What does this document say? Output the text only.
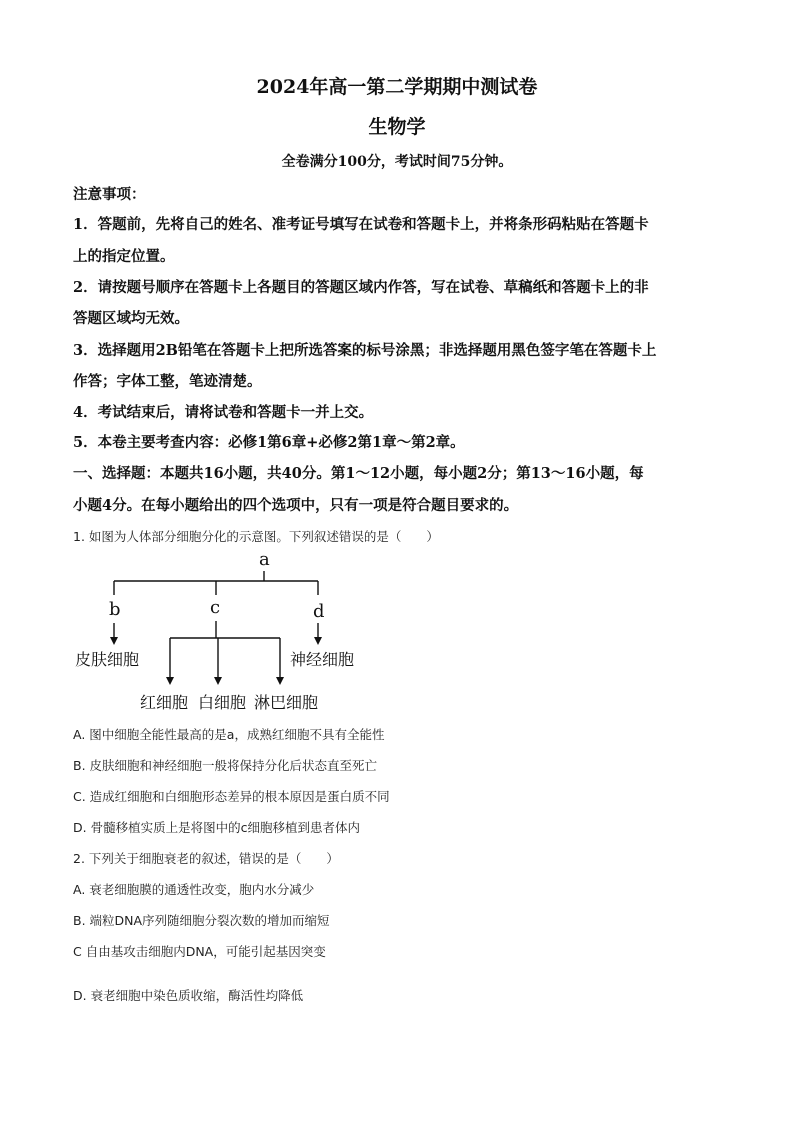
2024年高一第二学期期中测试卷
生物学
全卷满分100分，考试时间75分钟。
注意事项：
1．答题前，先将自己的姓名、准考证号填写在试卷和答题卡上，并将条形码粘贴在答题卡
上的指定位置。
2．请按题号顺序在答题卡上各题目的答题区域内作答，写在试卷、草稿纸和答题卡上的非
答题区域均无效。
3．选择题用2B铅笔在答题卡上把所选答案的标号涂黑；非选择题用黑色签字笔在答题卡上
作答；字体工整，笔迹清楚。
4．考试结束后，请将试卷和答题卡一并上交。
5．本卷主要考查内容：必修1第6章+必修2第1章～第2章。
一、选择题：本题共16小题，共40分。第1～12小题，每小题2分；第13～16小题，每
小题4分。在每小题给出的四个选项中，只有一项是符合题目要求的。
1. 如图为人体部分细胞分化的示意图。下列叙述错误的是（　　）
a
b	c	d
皮肤细胞	神经细胞
红细胞 白细胞 淋巴细胞
A. 图中细胞全能性最高的是a，成熟红细胞不具有全能性
B. 皮肤细胞和神经细胞一般将保持分化后状态直至死亡
C. 造成红细胞和白细胞形态差异的根本原因是蛋白质不同
D. 骨髓移植实质上是将图中的c细胞移植到患者体内
2. 下列关于细胞衰老的叙述，错误的是（　　）
A. 衰老细胞膜的通透性改变，胞内水分减少
B. 端粒DNA序列随细胞分裂次数的增加而缩短
C 自由基攻击细胞内DNA，可能引起基因突变
D. 衰老细胞中染色质收缩，酶活性均降低
